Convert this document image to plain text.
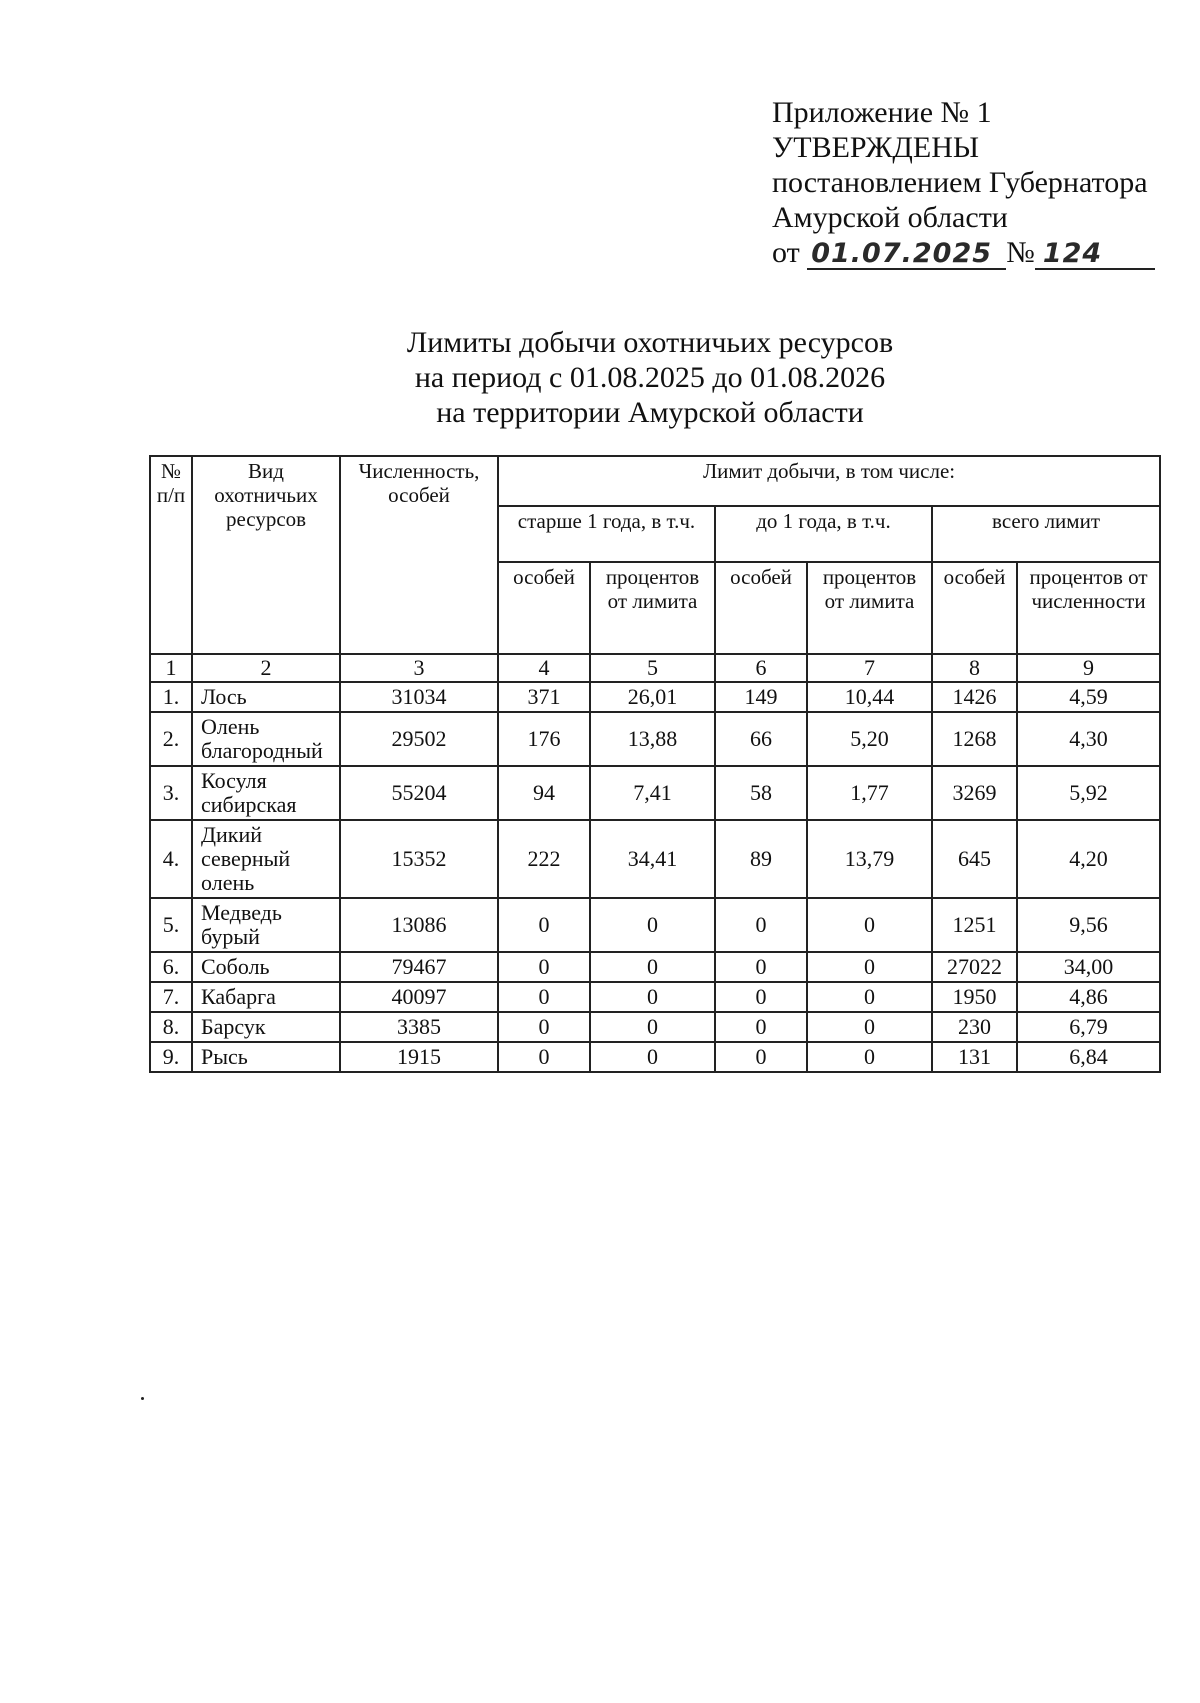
Приложение № 1
УТВЕРЖДЕНЫ
постановлением Губернатора
Амурской области
от 01.07.2025 № 124
Лимиты добычи охотничьих ресурсов
на период с 01.08.2025 до 01.08.2026
на территории Амурской области
№ п/п	Вид охотничьих ресурсов	Численность, особей	Лимит добычи, в том числе:					
			старше 1 года, в т.ч.		до 1 года, в т.ч.		всего лимит	
			особей	процентов от лимита	особей	процентов от лимита	особей	процентов от численности
1	2	3	4	5	6	7	8	9
1.	Лось	31034	371	26,01	149	10,44	1426	4,59
2.	Олень благородный	29502	176	13,88	66	5,20	1268	4,30
3.	Косуля сибирская	55204	94	7,41	58	1,77	3269	5,92
4.	Дикий северный олень	15352	222	34,41	89	13,79	645	4,20
5.	Медведь бурый	13086	0	0	0	0	1251	9,56
6.	Соболь	79467	0	0	0	0	27022	34,00
7.	Кабарга	40097	0	0	0	0	1950	4,86
8.	Барсук	3385	0	0	0	0	230	6,79
9.	Рысь	1915	0	0	0	0	131	6,84
